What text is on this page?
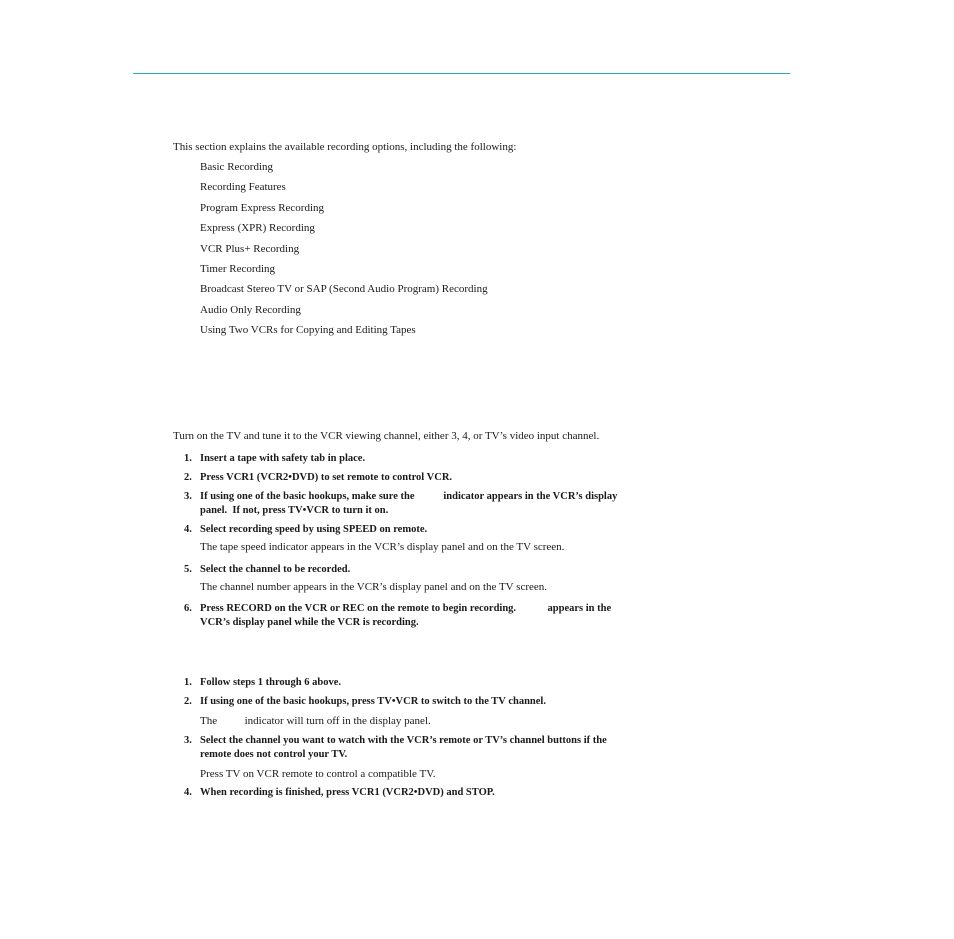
This section explains the available recording options, including the following:

Basic Recording
Recording Features
Program Express Recording
Express (XPR) Recording
VCR Plus+ Recording
Timer Recording
Broadcast Stereo TV or SAP (Second Audio Program) Recording
Audio Only Recording
Using Two VCRs for Copying and Editing Tapes

Turn on the TV and tune it to the VCR viewing channel, either 3, 4, or TV’s video input channel.

1. Insert a tape with safety tab in place.
2. Press VCR1 (VCR2•DVD) to set remote to control VCR.
3. If using one of the basic hookups, make sure the           indicator appears in the VCR’s display
panel.  If not, press TV•VCR to turn it on.
4. Select recording speed by using SPEED on remote.
The tape speed indicator appears in the VCR’s display panel and on the TV screen.
5. Select the channel to be recorded.
The channel number appears in the VCR’s display panel and on the TV screen.
6. Press RECORD on the VCR or REC on the remote to begin recording.            appears in the
VCR’s display panel while the VCR is recording.
1. Follow steps 1 through 6 above.
2. If using one of the basic hookups, press TV•VCR to switch to the TV channel.
The          indicator will turn off in the display panel.
3. Select the channel you want to watch with the VCR’s remote or TV’s channel buttons if the
remote does not control your TV.
Press TV on VCR remote to control a compatible TV.
4. When recording is finished, press VCR1 (VCR2•DVD) and STOP.
